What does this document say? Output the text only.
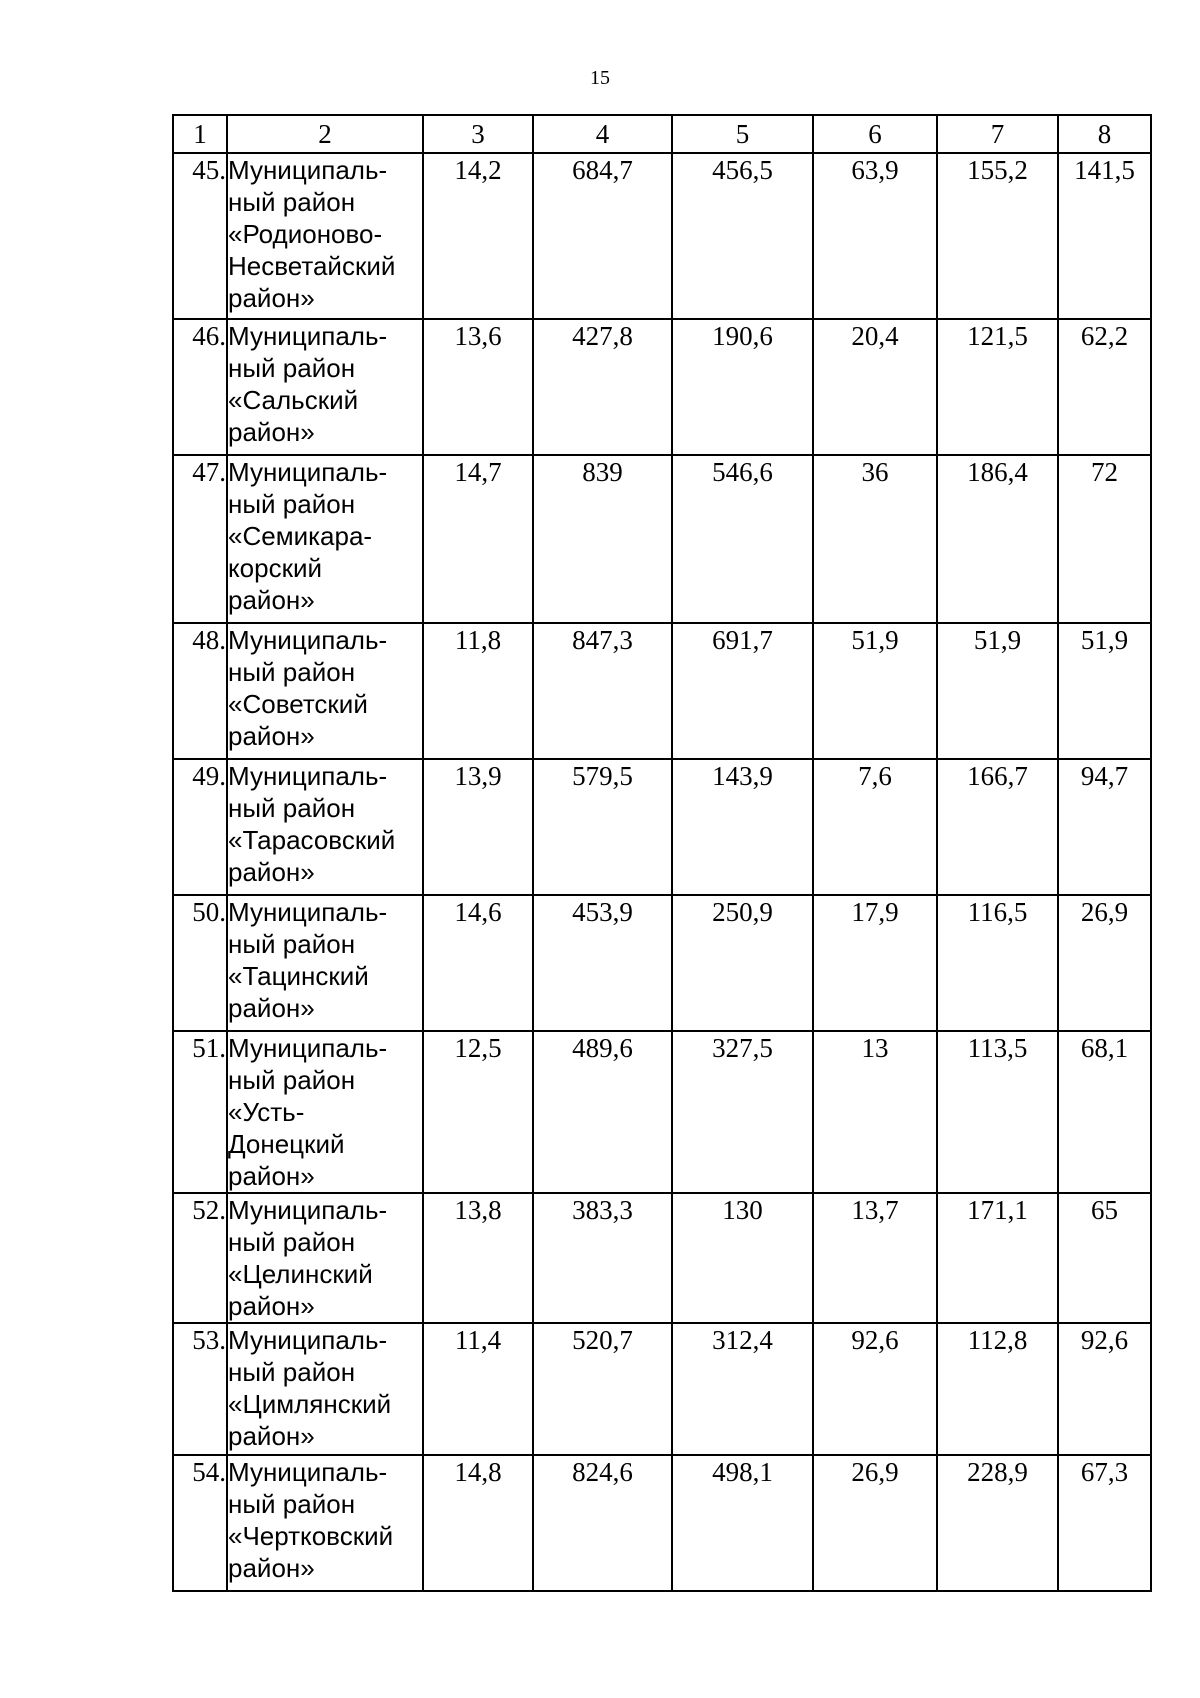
15
1	2	3	4	5	6	7	8
45.	Муниципаль-
ный район
«Родионово-
Несветайский
район»	14,2	684,7	456,5	63,9	155,2	141,5
46.	Муниципаль-
ный район
«Сальский
район»	13,6	427,8	190,6	20,4	121,5	62,2
47.	Муниципаль-
ный район
«Семикара-
корский
район»	14,7	839	546,6	36	186,4	72
48.	Муниципаль-
ный район
«Советский
район»	11,8	847,3	691,7	51,9	51,9	51,9
49.	Муниципаль-
ный район
«Тарасовский
район»	13,9	579,5	143,9	7,6	166,7	94,7
50.	Муниципаль-
ный район
«Тацинский
район»	14,6	453,9	250,9	17,9	116,5	26,9
51.	Муниципаль-
ный район
«Усть-
Донецкий
район»	12,5	489,6	327,5	13	113,5	68,1
52.	Муниципаль-
ный район
«Целинский
район»	13,8	383,3	130	13,7	171,1	65
53.	Муниципаль-
ный район
«Цимлянский
район»	11,4	520,7	312,4	92,6	112,8	92,6
54.	Муниципаль-
ный район
«Чертковский
район»	14,8	824,6	498,1	26,9	228,9	67,3
